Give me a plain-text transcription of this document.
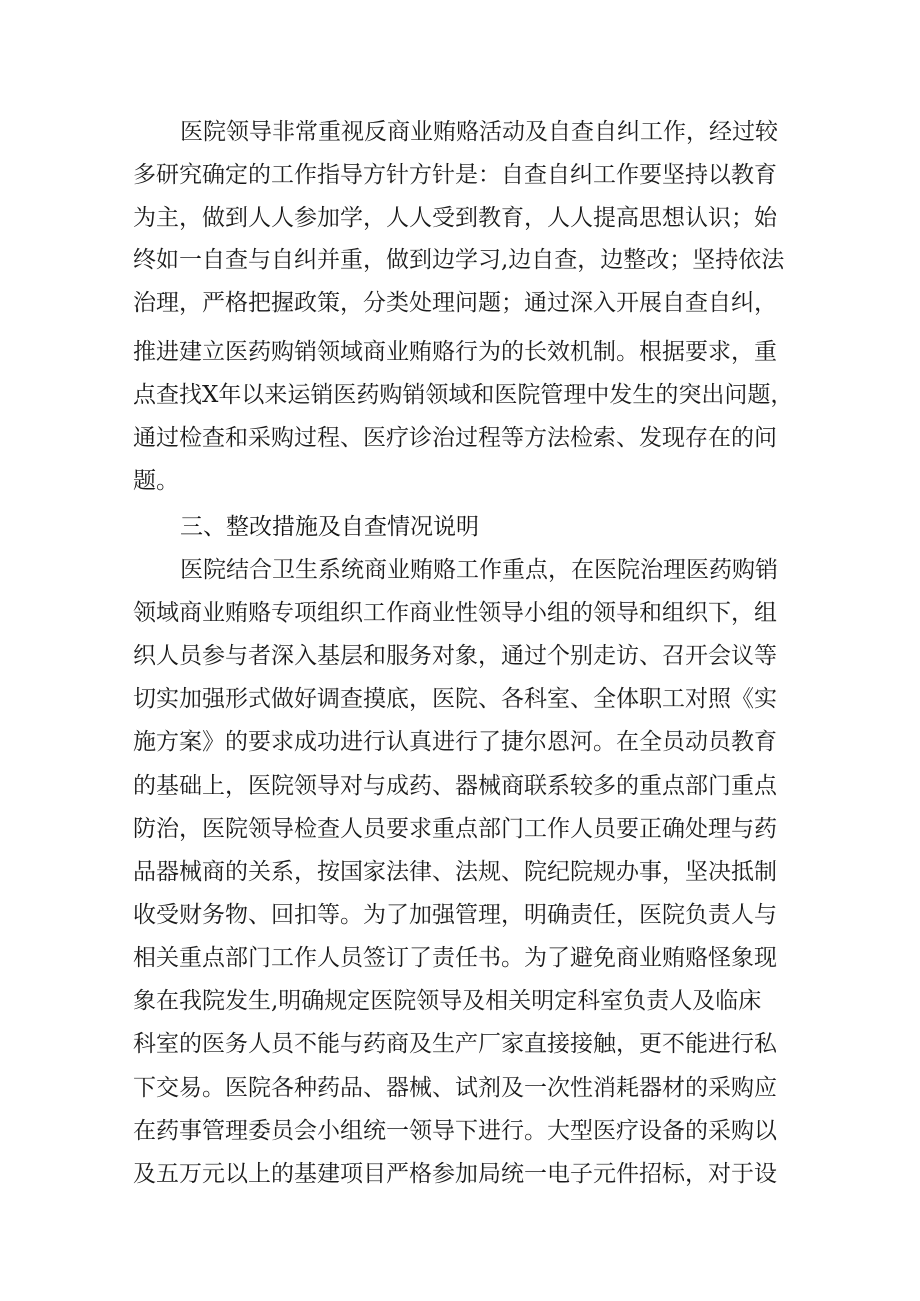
医院领导非常重视反商业贿赂活动及自查自纠工作，经过较
多研究确定的工作指导方针方针是：自查自纠工作要坚持以教育
为主，做到人人参加学，人人受到教育，人人提高思想认识；始
终如一自查与自纠并重，做到边学习,边自查，边整改；坚持依法
治理，严格把握政策，分类处理问题；通过深入开展自查自纠，
推进建立医药购销领域商业贿赂行为的长效机制。根据要求，重
点查找X年以来运销医药购销领域和医院管理中发生的突出问题，
通过检查和采购过程、医疗诊治过程等方法检索、发现存在的问
题。
三、整改措施及自查情况说明
医院结合卫生系统商业贿赂工作重点，在医院治理医药购销
领域商业贿赂专项组织工作商业性领导小组的领导和组织下，组
织人员参与者深入基层和服务对象，通过个别走访、召开会议等
切实加强形式做好调查摸底，医院、各科室、全体职工对照《实
施方案》的要求成功进行认真进行了捷尔恩河。在全员动员教育
的基础上，医院领导对与成药、器械商联系较多的重点部门重点
防治，医院领导检查人员要求重点部门工作人员要正确处理与药
品器械商的关系，按国家法律、法规、院纪院规办事，坚决抵制
收受财务物、回扣等。为了加强管理，明确责任，医院负责人与
相关重点部门工作人员签订了责任书。为了避免商业贿赂怪象现
象在我院发生,明确规定医院领导及相关明定科室负责人及临床
科室的医务人员不能与药商及生产厂家直接接触，更不能进行私
下交易。医院各种药品、器械、试剂及一次性消耗器材的采购应
在药事管理委员会小组统一领导下进行。大型医疗设备的采购以
及五万元以上的基建项目严格参加局统一电子元件招标，对于设
